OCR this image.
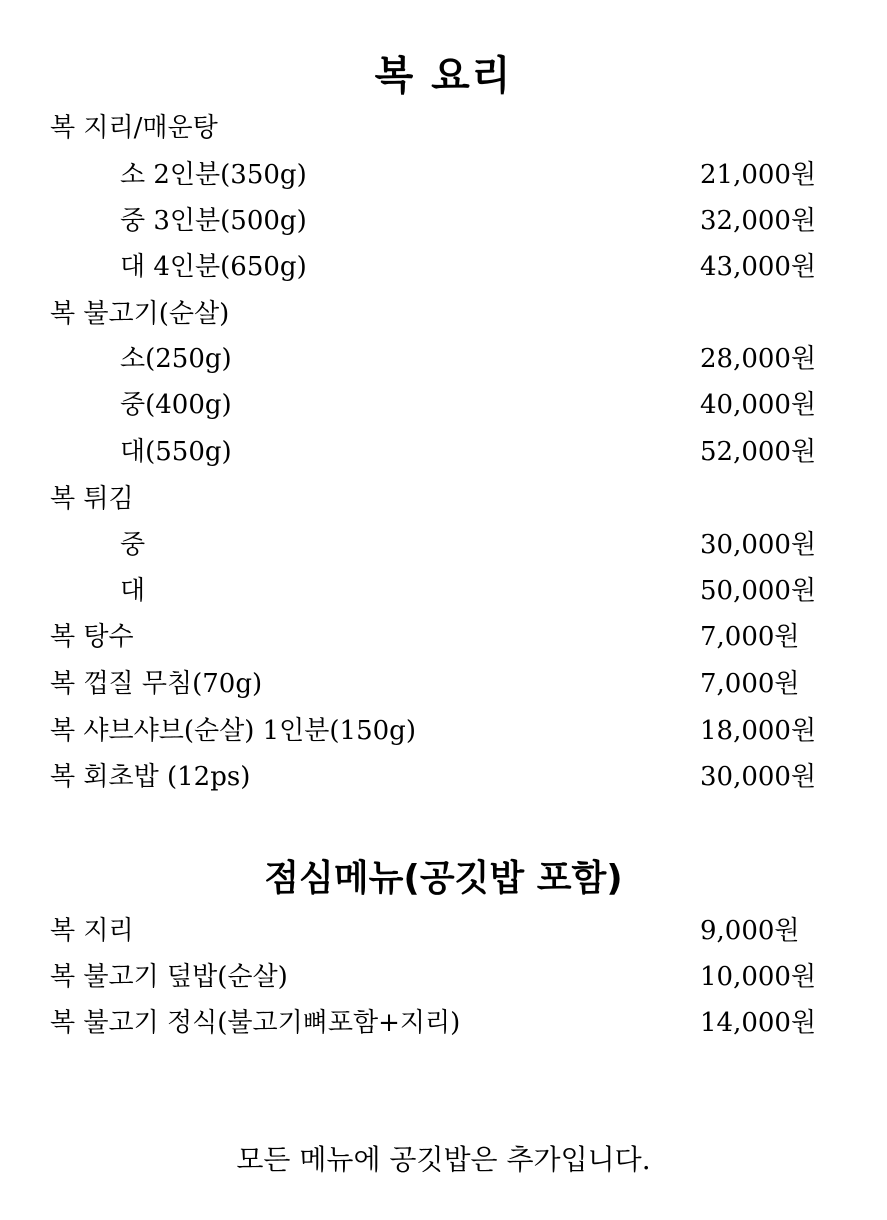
복 요리
복 지리/매운탕
소 2인분(350g)	21,000원
중 3인분(500g)	32,000원
대 4인분(650g)	43,000원
복 불고기(순살)
소(250g)	28,000원
중(400g)	40,000원
대(550g)	52,000원
복 튀김
중	30,000원
대	50,000원
복 탕수	7,000원
복 껍질 무침(70g)	7,000원
복 샤브샤브(순살) 1인분(150g)	18,000원
복 회초밥 (12ps)	30,000원
점심메뉴(공깃밥 포함)
복 지리	9,000원
복 불고기 덮밥(순살)	10,000원
복 불고기 정식(불고기뼈포함+지리)	14,000원

모든 메뉴에 공깃밥은 추가입니다.
